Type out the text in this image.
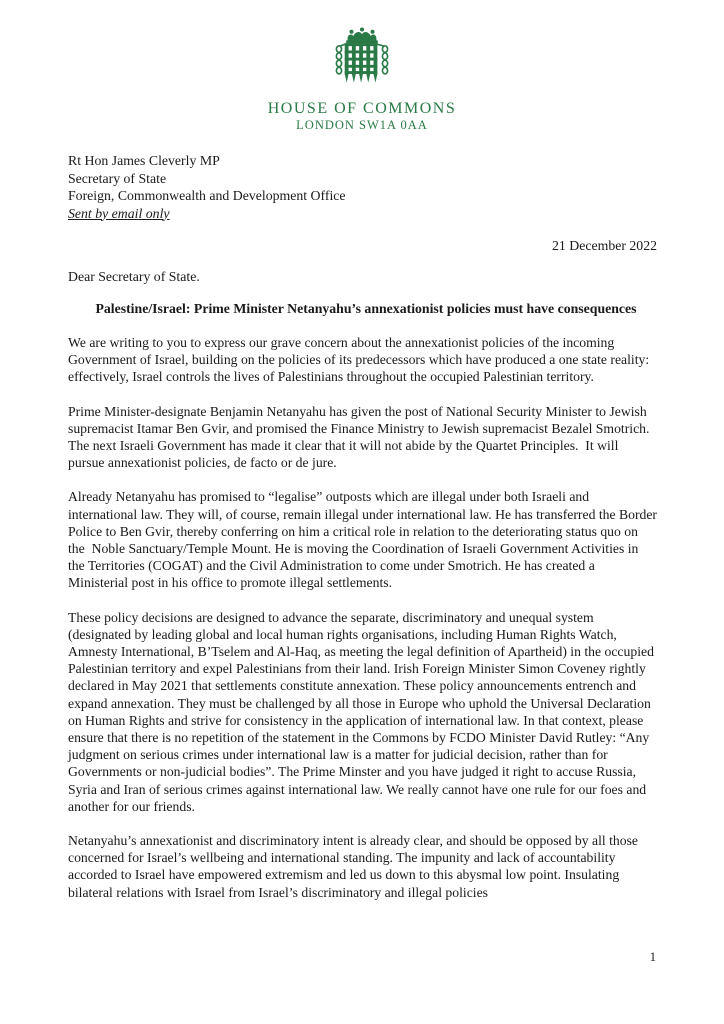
HOUSE OF COMMONS
LONDON SW1A 0AA
Rt Hon James Cleverly MP
Secretary of State
Foreign, Commonwealth and Development Office
Sent by email only
21 December 2022
Dear Secretary of State.
Palestine/Israel: Prime Minister Netanyahu’s annexationist policies must have consequences

We are writing to you to express our grave concern about the annexationist policies of the incoming Government of Israel, building on the policies of its predecessors which have produced a one state reality: effectively, Israel controls the lives of Palestinians throughout the occupied Palestinian territory.

Prime Minister-designate Benjamin Netanyahu has given the post of National Security Minister to Jewish supremacist Itamar Ben Gvir, and promised the Finance Ministry to Jewish supremacist Bezalel Smotrich. The next Israeli Government has made it clear that it will not abide by the Quartet Principles.  It will pursue annexationist policies, de facto or de jure.

Already Netanyahu has promised to “legalise” outposts which are illegal under both Israeli and international law. They will, of course, remain illegal under international law. He has transferred the Border Police to Ben Gvir, thereby conferring on him a critical role in relation to the deteriorating status quo on the  Noble Sanctuary/Temple Mount. He is moving the Coordination of Israeli Government Activities in the Territories (COGAT) and the Civil Administration to come under Smotrich. He has created a Ministerial post in his office to promote illegal settlements.

These policy decisions are designed to advance the separate, discriminatory and unequal system (designated by leading global and local human rights organisations, including Human Rights Watch, Amnesty International, B’Tselem and Al-Haq, as meeting the legal definition of Apartheid) in the occupied Palestinian territory and expel Palestinians from their land. Irish Foreign Minister Simon Coveney rightly declared in May 2021 that settlements constitute annexation. These policy announcements entrench and expand annexation. They must be challenged by all those in Europe who uphold the Universal Declaration on Human Rights and strive for consistency in the application of international law. In that context, please ensure that there is no repetition of the statement in the Commons by FCDO Minister David Rutley: “Any judgment on serious crimes under international law is a matter for judicial decision, rather than for Governments or non-judicial bodies”. The Prime Minster and you have judged it right to accuse Russia, Syria and Iran of serious crimes against international law. We really cannot have one rule for our foes and another for our friends.

Netanyahu’s annexationist and discriminatory intent is already clear, and should be opposed by all those concerned for Israel’s wellbeing and international standing. The impunity and lack of accountability accorded to Israel have empowered extremism and led us down to this abysmal low point. Insulating bilateral relations with Israel from Israel’s discriminatory and illegal policies

1
